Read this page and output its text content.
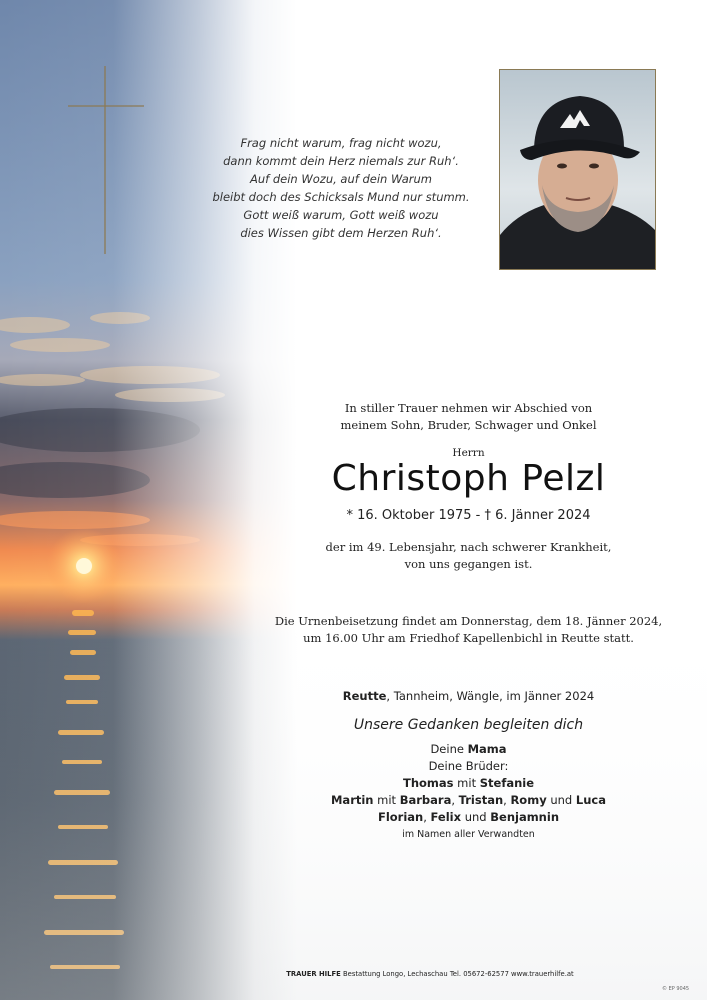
Frag nicht warum, frag nicht wozu,
dann kommt dein Herz niemals zur Ruh‘.
Auf dein Wozu, auf dein Warum
bleibt doch des Schicksals Mund nur stumm.
Gott weiß warum, Gott weiß wozu
dies Wissen gibt dem Herzen Ruh‘.
In stiller Trauer nehmen wir Abschied von
meinem Sohn, Bruder, Schwager und Onkel
Herrn
Christoph Pelzl
* 16. Oktober 1975 - † 6. Jänner 2024
der im 49. Lebensjahr, nach schwerer Krankheit,
von uns gegangen ist.
Die Urnenbeisetzung findet am Donnerstag, dem 18. Jänner 2024,
um 16.00 Uhr am Friedhof Kapellenbichl in Reutte statt.
Reutte, Tannheim, Wängle, im Jänner 2024
Unsere Gedanken begleiten dich
Deine Mama
Deine Brüder:
Thomas mit Stefanie
Martin mit Barbara, Tristan, Romy und Luca
Florian, Felix und Benjamnin
im Namen aller Verwandten
TRAUER HILFE Bestattung Longo, Lechaschau Tel. 05672-62577 www.trauerhilfe.at
© EP 9045
